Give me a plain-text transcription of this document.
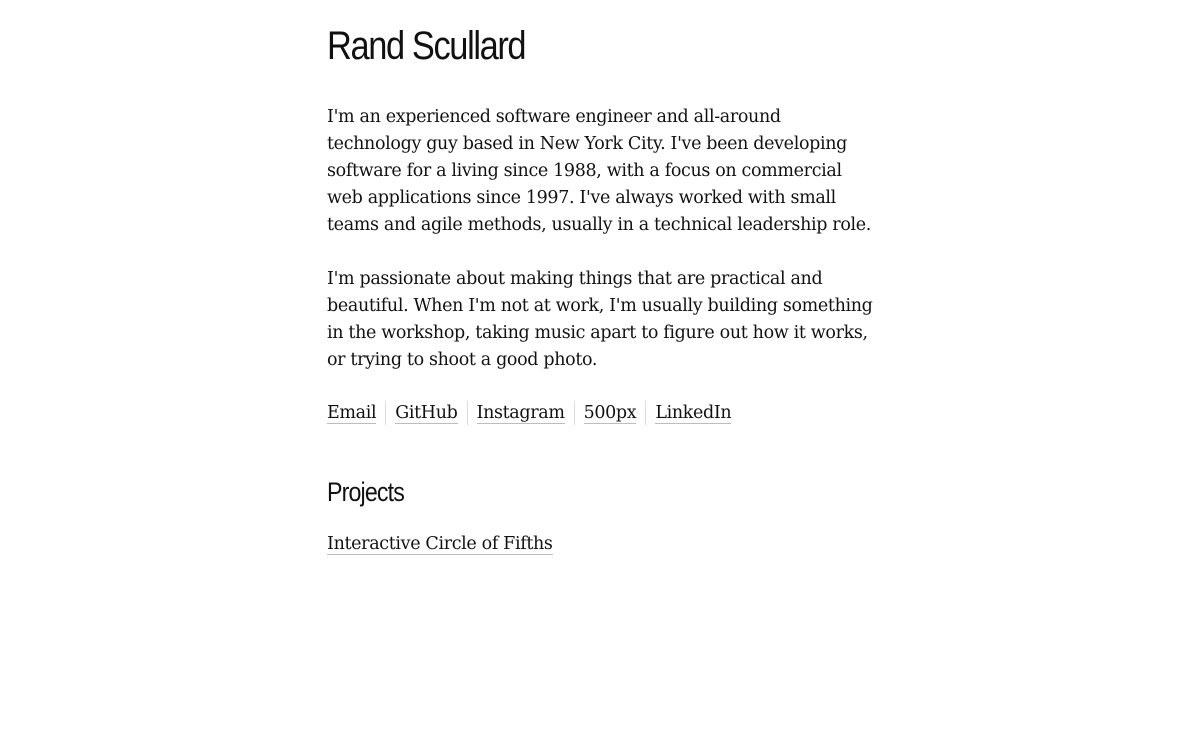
Rand Scullard

I'm an experienced software engineer and all-around technology guy based in New York City. I've been developing software for a living since 1988, with a focus on commercial web applications since 1997. I've always worked with small teams and agile methods, usually in a technical leadership role.

I'm passionate about making things that are practical and beautiful. When I'm not at work, I'm usually building something in the workshop, taking music apart to figure out how it works, or trying to shoot a good photo.

Email GitHub Instagram 500px LinkedIn
Projects
Interactive Circle of Fifths
